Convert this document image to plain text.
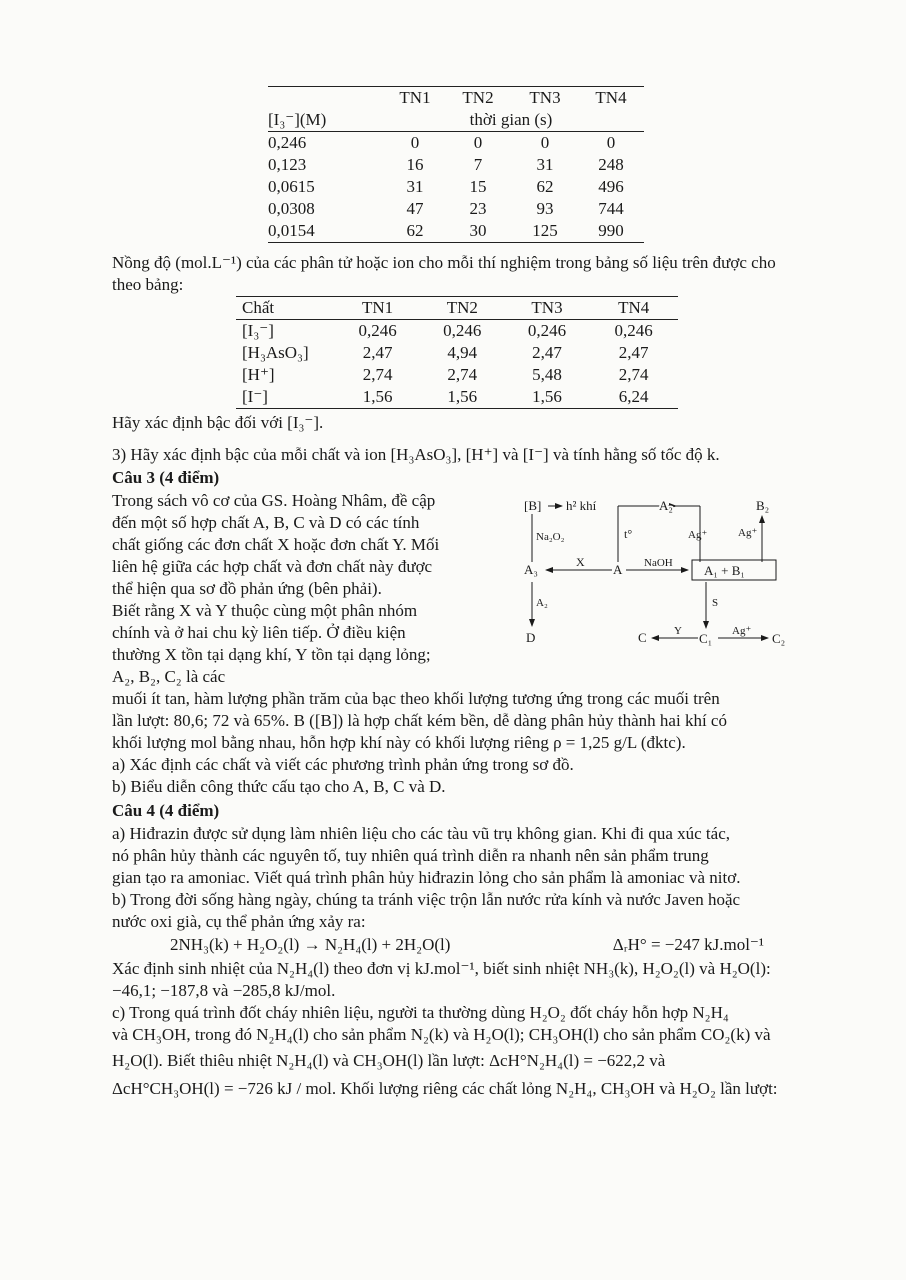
	TN1	TN2	TN3	TN4
[I₃⁻](M)		thời gian (s)		
0,246	0	0	0	0
0,123	16	7	31	248
0,0615	31	15	62	496
0,0308	47	23	93	744
0,0154	62	30	125	990
Nồng độ (mol.L⁻¹) của các phân tử hoặc ion cho mỗi thí nghiệm trong bảng số liệu trên được cho theo bảng:
Chất	TN1	TN2	TN3	TN4
[I₃⁻]	0,246	0,246	0,246	0,246
[H₃AsO₃]	2,47	4,94	2,47	2,47
[H⁺]	2,74	2,74	5,48	2,74
[I⁻]	1,56	1,56	1,56	6,24
Hãy xác định bậc đối với [I₃⁻].
3) Hãy xác định bậc của mỗi chất và ion [H₃AsO₃], [H⁺] và [I⁻] và tính hằng số tốc độ k.
Câu 3 (4 điểm)
Trong sách vô cơ của GS. Hoàng Nhâm, đề cập
đến một số hợp chất A, B, C và D có các tính
chất giống các đơn chất X hoặc đơn chất Y. Mối
liên hệ giữa các hợp chất và đơn chất này được
thể hiện qua sơ đồ phản ứng (bên phải).
Biết rằng X và Y thuộc cùng một phân nhóm
chính và ở hai chu kỳ liên tiếp. Ở điều kiện
thường X tồn tại dạng khí, Y tồn tại dạng lỏng;
A₂, B₂, C₂ là các
[B] h² khí	A₂	B₂
Na₂O₂	t°	Ag⁺	Ag⁺
A₃	X A NaOH A₁ + B₁
A₂
D
S
C Y C₁ Ag⁺ C₂
muối ít tan, hàm lượng phần trăm của bạc theo khối lượng tương ứng trong các muối trên
lần lượt: 80,6; 72 và 65%. B ([B]) là hợp chất kém bền, dễ dàng phân hủy thành hai khí có
khối lượng mol bằng nhau, hỗn hợp khí này có khối lượng riêng ρ = 1,25 g/L (đktc).
a) Xác định các chất và viết các phương trình phản ứng trong sơ đồ.
b) Biểu diễn công thức cấu tạo cho A, B, C và D.
Câu 4 (4 điểm)
a) Hiđrazin được sử dụng làm nhiên liệu cho các tàu vũ trụ không gian. Khi đi qua xúc tác,
nó phân hủy thành các nguyên tố, tuy nhiên quá trình diễn ra nhanh nên sản phẩm trung
gian tạo ra amoniac. Viết quá trình phân hủy hiđrazin lỏng cho sản phẩm là amoniac và nitơ.
b) Trong đời sống hàng ngày, chúng ta tránh việc trộn lẫn nước rửa kính và nước Javen hoặc
nước oxi già, cụ thể phản ứng xảy ra:
2NH₃(k) + H₂O₂(l) → N₂H₄(l) + 2H₂O(l)	ΔᵣH° = −247 kJ.mol⁻¹
Xác định sinh nhiệt của N₂H₄(l) theo đơn vị kJ.mol⁻¹, biết sinh nhiệt NH₃(k), H₂O₂(l) và H₂O(l):
−46,1; −187,8 và −285,8 kJ/mol.
c) Trong quá trình đốt cháy nhiên liệu, người ta thường dùng H₂O₂ đốt cháy hỗn hợp N₂H₄
và CH₃OH, trong đó N₂H₄(l) cho sản phẩm N₂(k) và H₂O(l); CH₃OH(l) cho sản phẩm CO₂(k) và
H₂O(l). Biết thiêu nhiệt N₂H₄(l) và CH₃OH(l) lần lượt: ΔcH°N₂H₄(l) = −622,2 và
ΔcH°CH₃OH(l) = −726 kJ / mol. Khối lượng riêng các chất lỏng N₂H₄, CH₃OH và H₂O₂ lần lượt:
